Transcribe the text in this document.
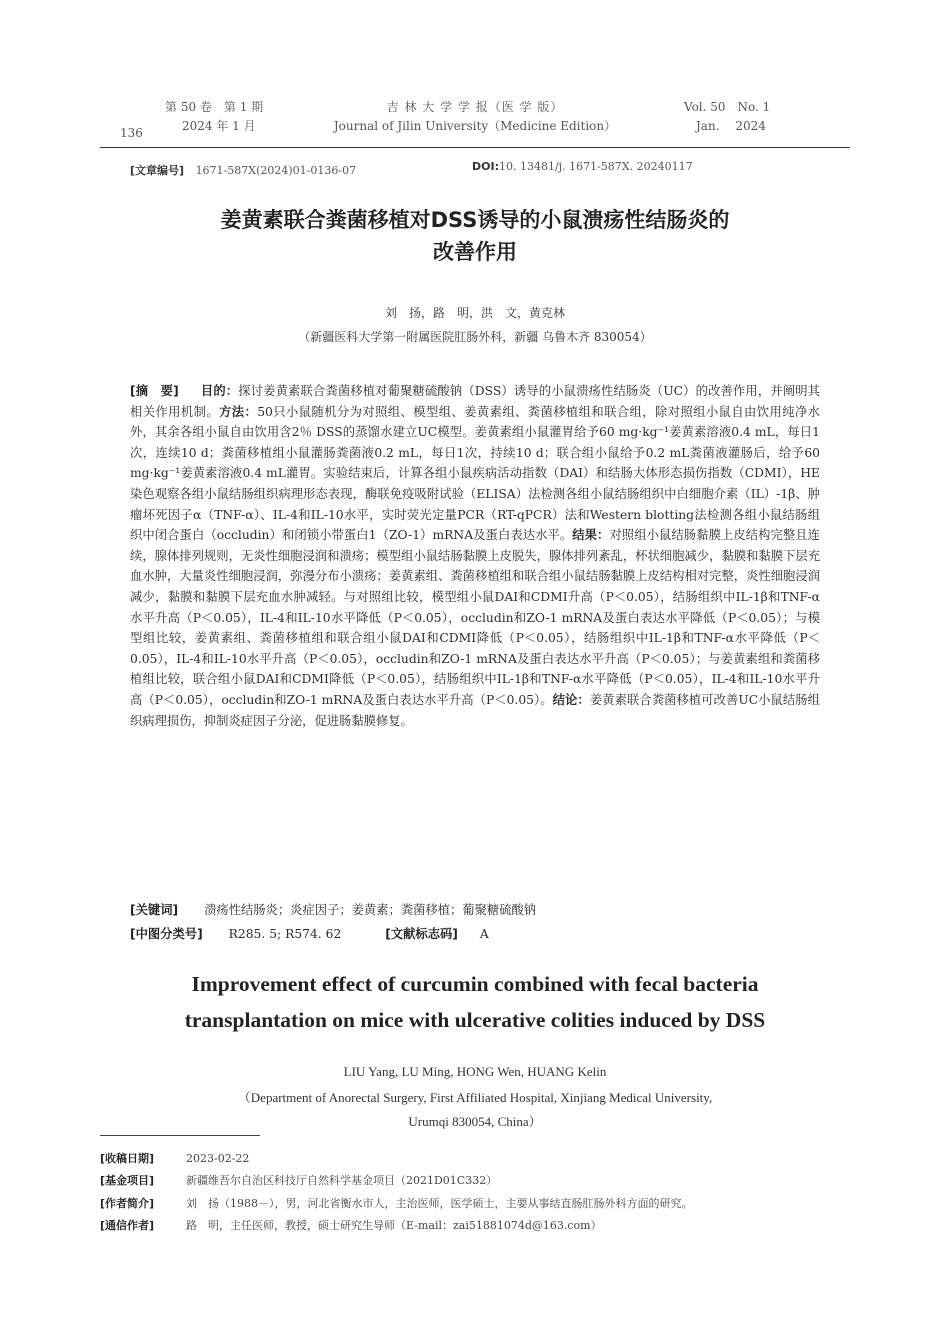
136
第 50 卷　第 1 期
2024 年 1 月
吉 林 大 学 学 报（医 学 版）
Journal of Jilin University（Medicine Edition）
Vol. 50　No. 1
Jan.　 2024
[文章编号] 1671-587X(2024)01-0136-07	DOI:10. 13481/j. 1671-587X. 20240117
姜黄素联合粪菌移植对DSS诱导的小鼠溃疡性结肠炎的
改善作用
刘　扬，路　明，洪　文，黄克林
（新疆医科大学第一附属医院肛肠外科，新疆 乌鲁木齐 830054）
[摘　要] 目的：探讨姜黄素联合粪菌移植对葡聚糖硫酸钠（DSS）诱导的小鼠溃疡性结肠炎（UC）的改善作用，并阐明其相关作用机制。方法：50只小鼠随机分为对照组、模型组、姜黄素组、粪菌移植组和联合组，除对照组小鼠自由饮用纯净水外，其余各组小鼠自由饮用含2％ DSS的蒸馏水建立UC模型。姜黄素组小鼠灌胃给予60 mg·kg⁻¹姜黄素溶液0.4 mL，每日1次，连续10 d；粪菌移植组小鼠灌肠粪菌液0.2 mL，每日1次，持续10 d；联合组小鼠给予0.2 mL粪菌液灌肠后，给予60 mg·kg⁻¹姜黄素溶液0.4 mL灌胃。实验结束后，计算各组小鼠疾病活动指数（DAI）和结肠大体形态损伤指数（CDMI），HE染色观察各组小鼠结肠组织病理形态表现，酶联免疫吸附试验（ELISA）法检测各组小鼠结肠组织中白细胞介素（IL）-1β、肿瘤坏死因子α（TNF-α）、IL-4和IL-10水平，实时荧光定量PCR（RT-qPCR）法和Western blotting法检测各组小鼠结肠组织中闭合蛋白（occludin）和闭锁小带蛋白1（ZO-1）mRNA及蛋白表达水平。结果：对照组小鼠结肠黏膜上皮结构完整且连续，腺体排列规则，无炎性细胞浸润和溃疡；模型组小鼠结肠黏膜上皮脱失，腺体排列紊乱，杯状细胞减少，黏膜和黏膜下层充血水肿，大量炎性细胞浸润，弥漫分布小溃疡；姜黄素组、粪菌移植组和联合组小鼠结肠黏膜上皮结构相对完整，炎性细胞浸润减少，黏膜和黏膜下层充血水肿减轻。与对照组比较，模型组小鼠DAI和CDMI升高（P＜0.05），结肠组织中IL-1β和TNF-α水平升高（P＜0.05），IL-4和IL-10水平降低（P＜0.05），occludin和ZO-1 mRNA及蛋白表达水平降低（P＜0.05）；与模型组比较，姜黄素组、粪菌移植组和联合组小鼠DAI和CDMI降低（P＜0.05），结肠组织中IL-1β和TNF-α水平降低（P＜0.05），IL-4和IL-10水平升高（P＜0.05），occludin和ZO-1 mRNA及蛋白表达水平升高（P＜0.05）；与姜黄素组和粪菌移植组比较，联合组小鼠DAI和CDMI降低（P＜0.05），结肠组织中IL-1β和TNF-α水平降低（P＜0.05），IL-4和IL-10水平升高（P＜0.05），occludin和ZO-1 mRNA及蛋白表达水平升高（P＜0.05）。结论：姜黄素联合粪菌移植可改善UC小鼠结肠组织病理损伤，抑制炎症因子分泌，促进肠黏膜修复。
[关键词] 溃疡性结肠炎；炎症因子；姜黄素；粪菌移植；葡聚糖硫酸钠
[中图分类号] R285. 5; R574. 62	[文献标志码] A
Improvement effect of curcumin combined with fecal bacteria
transplantation on mice with ulcerative colities induced by DSS
LIU Yang, LU Ming, HONG Wen, HUANG Kelin
（Department of Anorectal Surgery, First Affiliated Hospital, Xinjiang Medical University,
Urumqi 830054, China）
[收稿日期]	2023-02-22
[基金项目]	新疆维吾尔自治区科技厅自然科学基金项目（2021D01C332）
[作者简介]	刘　扬（1988－），男，河北省衡水市人，主治医师，医学硕士，主要从事结直肠肛肠外科方面的研究。
[通信作者]	路　明，主任医师，教授，硕士研究生导师（E-mail：zai51881074d@163.com）
